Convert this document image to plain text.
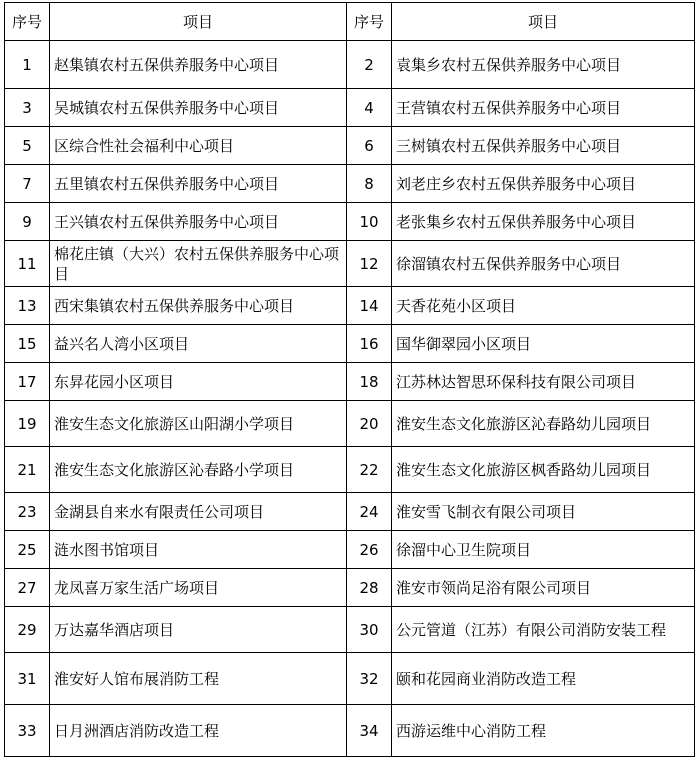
序号	项目	序号	项目
1	赵集镇农村五保供养服务中心项目	2	袁集乡农村五保供养服务中心项目
3	吴城镇农村五保供养服务中心项目	4	王营镇农村五保供养服务中心项目
5	区综合性社会福利中心项目	6	三树镇农村五保供养服务中心项目
7	五里镇农村五保供养服务中心项目	8	刘老庄乡农村五保供养服务中心项目
9	王兴镇农村五保供养服务中心项目	10	老张集乡农村五保供养服务中心项目
11	棉花庄镇（大兴）农村五保供养服务中心项目	12	徐溜镇农村五保供养服务中心项目
13	西宋集镇农村五保供养服务中心项目	14	天香花苑小区项目
15	益兴名人湾小区项目	16	国华御翠园小区项目
17	东昇花园小区项目	18	江苏林达智思环保科技有限公司项目
19	淮安生态文化旅游区山阳湖小学项目	20	淮安生态文化旅游区沁春路幼儿园项目
21	淮安生态文化旅游区沁春路小学项目	22	淮安生态文化旅游区枫香路幼儿园项目
23	金湖县自来水有限责任公司项目	24	淮安雪飞制衣有限公司项目
25	涟水图书馆项目	26	徐溜中心卫生院项目
27	龙凤喜万家生活广场项目	28	淮安市领尚足浴有限公司项目
29	万达嘉华酒店项目	30	公元管道（江苏）有限公司消防安装工程
31	淮安好人馆布展消防工程	32	颐和花园商业消防改造工程
33	日月洲酒店消防改造工程	34	西游运维中心消防工程
